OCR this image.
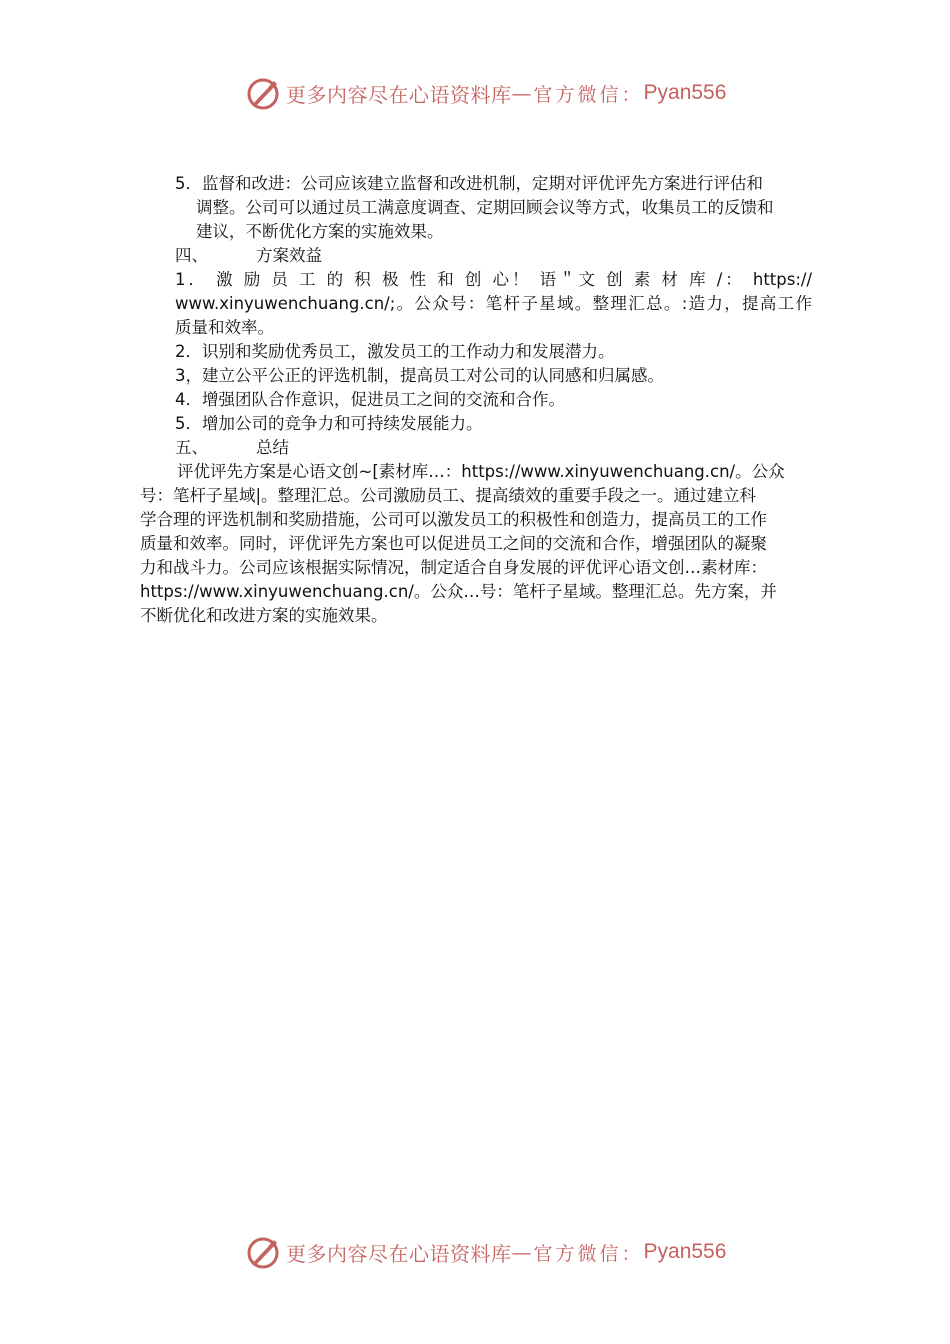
更多内容尽在心语资料库 — 官方微信： Pyan556
5．监督和改进：公司应该建立监督和改进机制，定期对评优评先方案进行评估和
调整。公司可以通过员工满意度调查、定期回顾会议等方式，收集员工的反馈和
建议，不断优化方案的实施效果。
四、	方案效益
1． 激 励 员 工 的 积 极 性 和 创 心！ 语＂文 创 素 材 库 /： https://
www.xinyuwenchuang.cn/;。公众号：笔杆子星域。整理汇总。:造力，提高工作
质量和效率。
2．识别和奖励优秀员工，激发员工的工作动力和发展潜力。
3，建立公平公正的评选机制，提高员工对公司的认同感和归属感。
4．增强团队合作意识，促进员工之间的交流和合作。
5．增加公司的竞争力和可持续发展能力。
五、	总结
评优评先方案是心语文创~[素材库…：https://www.xinyuwenchuang.cn/。公众
号：笔杆子星域|。整理汇总。公司激励员工、提高绩效的重要手段之一。通过建立科
学合理的评选机制和奖励措施，公司可以激发员工的积极性和创造力，提高员工的工作
质量和效率。同时，评优评先方案也可以促进员工之间的交流和合作，增强团队的凝聚
力和战斗力。公司应该根据实际情况，制定适合自身发展的评优评心语文创…素材库：
https://www.xinyuwenchuang.cn/。公众…号：笔杆子星域。整理汇总。先方案，并
不断优化和改进方案的实施效果。
更多内容尽在心语资料库 — 官方微信： Pyan556
